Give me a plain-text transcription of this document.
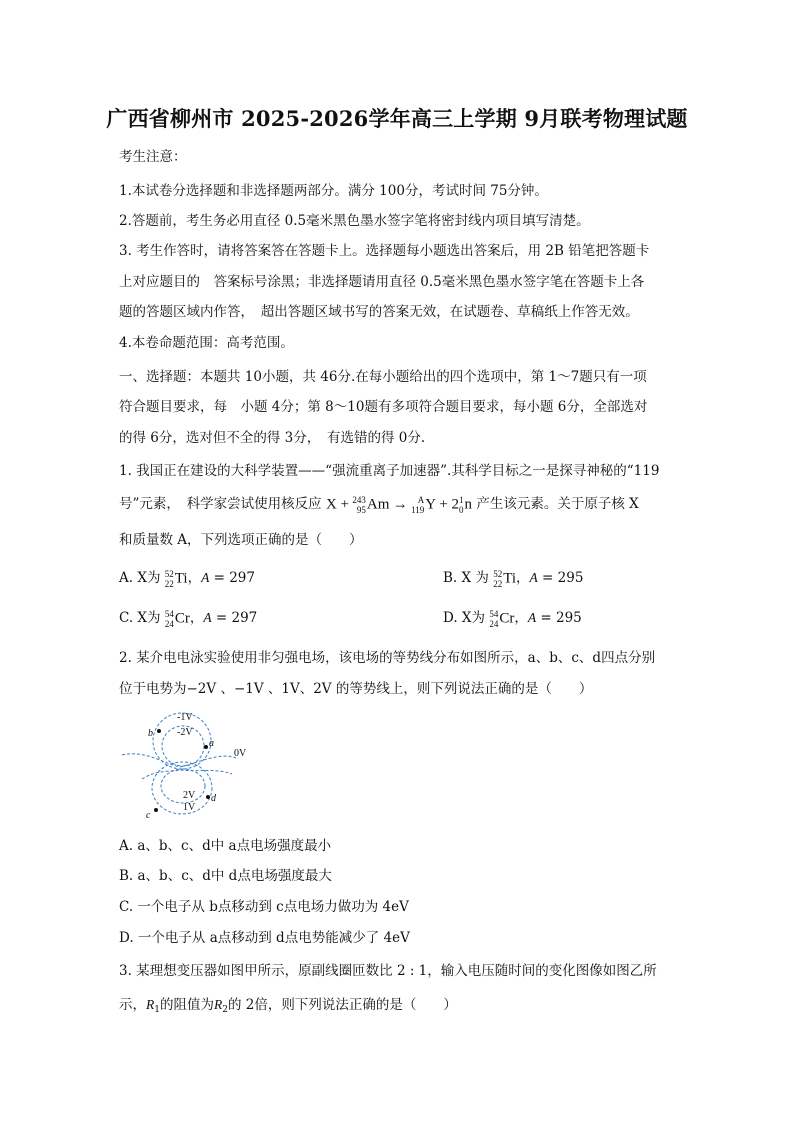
广西省柳州市 2025-2026学年高三上学期 9月联考物理试题
考生注意：
1.本试卷分选择题和非选择题两部分。满分 100分，考试时间 75分钟。
2.答题前，考生务必用直径 0.5毫米黑色墨水签字笔将密封线内项目填写清楚。
3. 考生作答时，请将答案答在答题卡上。选择题每小题选出答案后，用 2B 铅笔把答题卡
上对应题目的　答案标号涂黑；非选择题请用直径 0.5毫米黑色墨水签字笔在答题卡上各
题的答题区域内作答，　超出答题区域书写的答案无效，在试题卷、草稿纸上作答无效。
4.本卷命题范围：高考范围。
一、选择题：本题共 10小题，共 46分.在每小题给出的四个选项中，第 1～7题只有一项
符合题目要求，每　小题 4分；第 8～10题有多项符合题目要求，每小题 6分，全部选对
的得 6分，选对但不全的得 3分，　有选错的得 0分.
1. 我国正在建设的大科学装置——“强流重离子加速器”.其科学目标之一是探寻神秘的“119
号”元素，　科学家尝试使用核反应 X + 243
95 Am →	A
119 Y + 2 1
0 n 产生该元素。关于原子核 X
和质量数 A，下列选项正确的是（　　）
A. X为 52
22 Ti，A = 297	B. X 为 52
22 Ti，A = 295
C. X为 54
24 Cr，A = 297	D. X为 54
24 Cr，A = 295
2. 某介电电泳实验使用非匀强电场，该电场的等势线分布如图所示，a、b、c、d四点分别
位于电势为−2V 、−1V 、1V、2V 的等势线上，则下列说法正确的是（　　）
-1V
-2V
0V
2V
1V
b
a
d
c
A. a、b、c、d中 a点电场强度最小
B. a、b、c、d中 d点电场强度最大
C. 一个电子从 b点移动到 c点电场力做功为 4eV
D. 一个电子从 a点移动到 d点电势能减少了 4eV
3. 某理想变压器如图甲所示，原副线圈匝数比 2 : 1，输入电压随时间的变化图像如图乙所
示，$R_1$的阻值为$R_2$的 2倍，则下列说法正确的是（　　）
